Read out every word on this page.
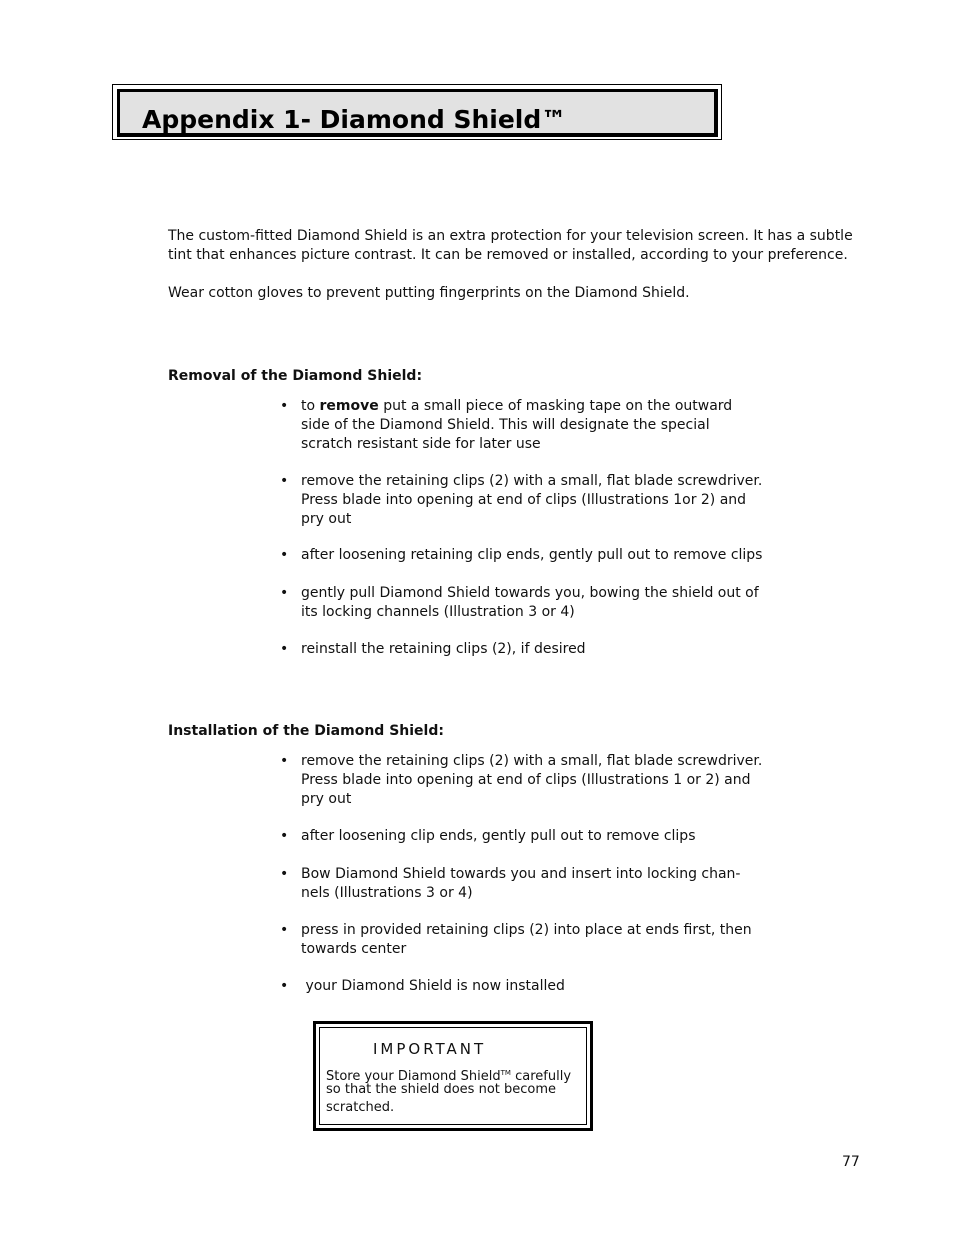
Appendix 1- Diamond Shield™
The custom-fitted Diamond Shield is an extra protection for your television screen. It has a subtle
tint that enhances picture contrast. It can be removed or installed, according to your preference.
Wear cotton gloves to prevent putting fingerprints on the Diamond Shield.
Removal of the Diamond Shield:
• to remove put a small piece of masking tape on the outward
side of the Diamond Shield. This will designate the special
scratch resistant side for later use
• remove the retaining clips (2) with a small, flat blade screwdriver.
Press blade into opening at end of clips (Illustrations 1or 2) and
pry out
• after loosening retaining clip ends, gently pull out to remove clips
• gently pull Diamond Shield towards you, bowing the shield out of
its locking channels (Illustration 3 or 4)
• reinstall the retaining clips (2), if desired
Installation of the Diamond Shield:
• remove the retaining clips (2) with a small, flat blade screwdriver.
Press blade into opening at end of clips (Illustrations 1 or 2) and
pry out
• after loosening clip ends, gently pull out to remove clips
• Bow Diamond Shield towards you and insert into locking chan-
nels (Illustrations 3 or 4)
• press in provided retaining clips (2) into place at ends first, then
towards center
• your Diamond Shield is now installed
IMPORTANT
Store your Diamond Shield™ carefully
so that the shield does not become
scratched.
77
